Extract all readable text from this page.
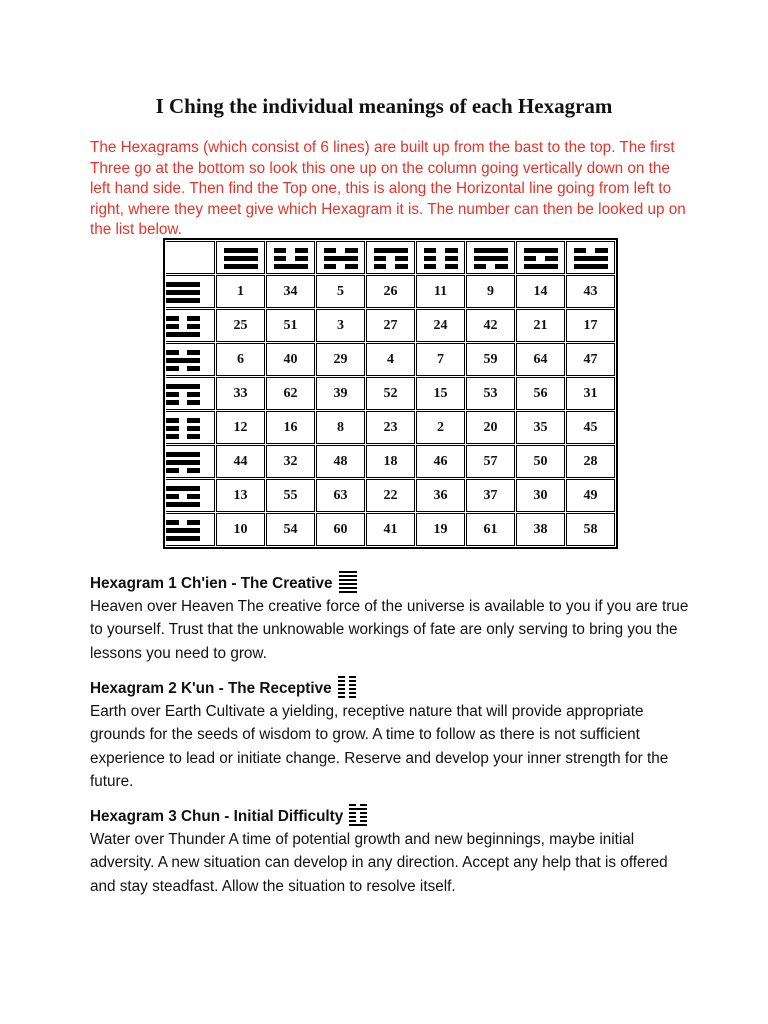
I Ching the individual meanings of each Hexagram
The Hexagrams (which consist of 6 lines) are built up from the bast to the top. The first Three go at the bottom so look this one up on the column going vertically down on the left hand side. Then find the Top one, this is along the Horizontal line going from left to right, where they meet give which Hexagram it is. The number can then be looked up on the list below.

	1	34	5	26	11	9	14	43

	25	51	3	27	24	42	21	17

	6	40	29	4	7	59	64	47

	33	62	39	52	15	53	56	31

	12	16	8	23	2	20	35	45

	44	32	48	18	46	57	50	28

	13	55	63	22	36	37	30	49

	10	54	60	41	19	61	38	58
Hexagram 1 Ch'ien - The Creative

Heaven over Heaven The creative force of the universe is available to you if you are true to yourself. Trust that the unknowable workings of fate are only serving to bring you the lessons you need to grow.

Hexagram 2 K'un - The Receptive

Earth over Earth Cultivate a yielding, receptive nature that will provide appropriate grounds for the seeds of wisdom to grow. A time to follow as there is not sufficient experience to lead or initiate change. Reserve and develop your inner strength for the future.

Hexagram 3 Chun - Initial Difficulty

Water over Thunder A time of potential growth and new beginnings, maybe initial adversity. A new situation can develop in any direction. Accept any help that is offered and stay steadfast. Allow the situation to resolve itself.
